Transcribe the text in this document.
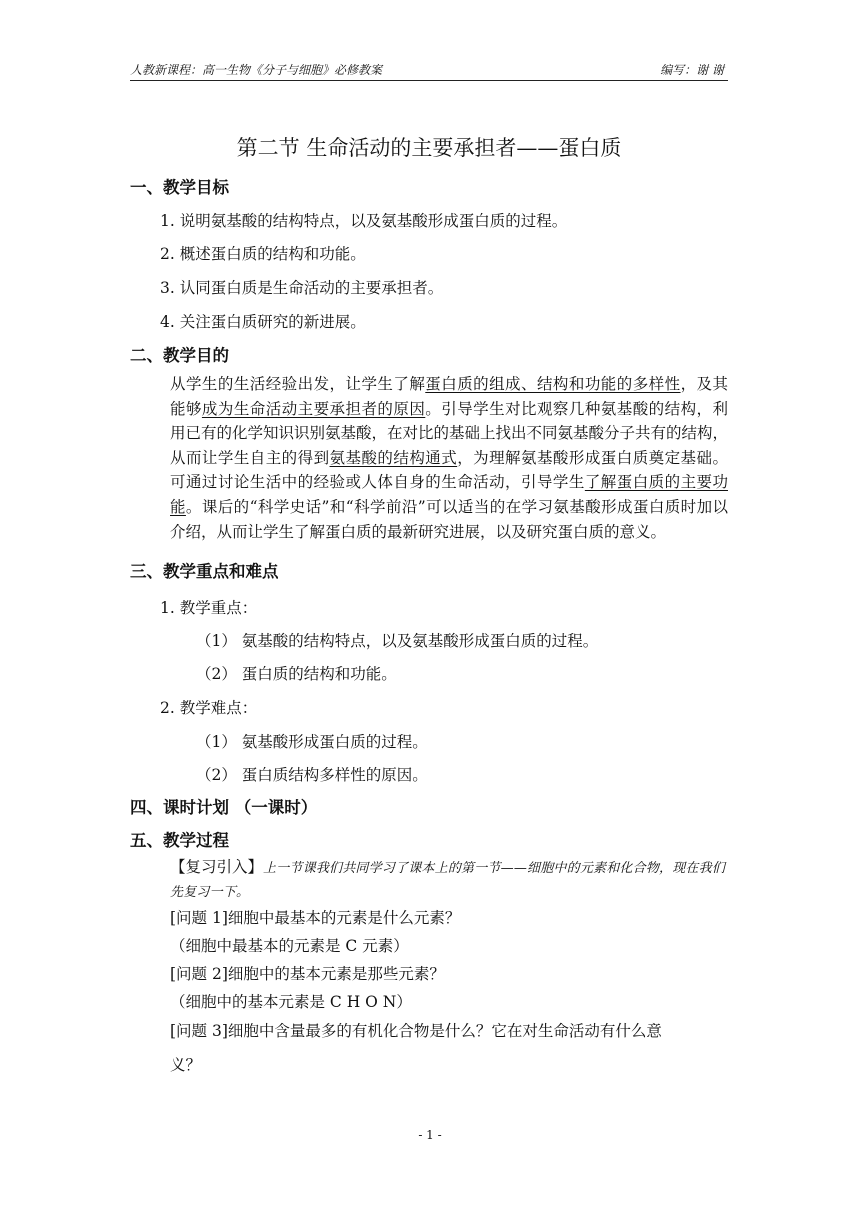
人教新课程：高一生物《分子与细胞》必修教案	编写：谢 谢
第二节 生命活动的主要承担者——蛋白质
一、教学目标
1. 说明氨基酸的结构特点，以及氨基酸形成蛋白质的过程。
2. 概述蛋白质的结构和功能。
3. 认同蛋白质是生命活动的主要承担者。
4. 关注蛋白质研究的新进展。
二、教学目的
从学生的生活经验出发，让学生了解蛋白质的组成、结构和功能的多样性，及其能够成为生命活动主要承担者的原因。引导学生对比观察几种氨基酸的结构，利用已有的化学知识识别氨基酸，在对比的基础上找出不同氨基酸分子共有的结构，从而让学生自主的得到氨基酸的结构通式，为理解氨基酸形成蛋白质奠定基础。可通过讨论生活中的经验或人体自身的生命活动，引导学生了解蛋白质的主要功能。课后的“科学史话”和“科学前沿”可以适当的在学习氨基酸形成蛋白质时加以介绍，从而让学生了解蛋白质的最新研究进展，以及研究蛋白质的意义。
三、教学重点和难点
1. 教学重点：
（1） 氨基酸的结构特点，以及氨基酸形成蛋白质的过程。
（2） 蛋白质的结构和功能。
2. 教学难点：
（1） 氨基酸形成蛋白质的过程。
（2） 蛋白质结构多样性的原因。
四、课时计划 （一课时）
五、教学过程
【复习引入】上一节课我们共同学习了课本上的第一节——细胞中的元素和化合物，现在我们先复习一下。
[问题 1]细胞中最基本的元素是什么元素？
（细胞中最基本的元素是 C 元素）
[问题 2]细胞中的基本元素是那些元素？
（细胞中的基本元素是 C H O N）
[问题 3]细胞中含量最多的有机化合物是什么？它在对生命活动有什么意
义？
- 1 -
